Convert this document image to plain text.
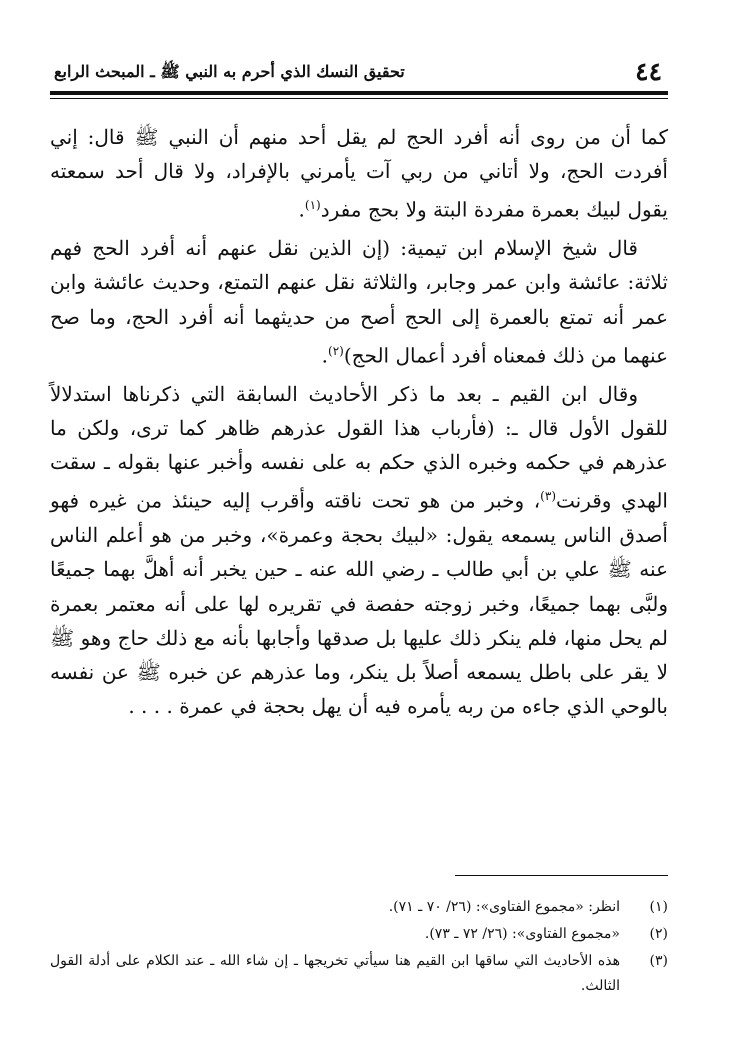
٤٤
تحقيق النسك الذي أحرم به النبي ﷺ ـ المبحث الرابع

كما أن من روى أنه أفرد الحج لم يقل أحد منهم أن النبي ﷺ قال: إني أفردت الحج، ولا أتاني من ربي آت يأمرني بالإفراد، ولا قال أحد سمعته يقول لبيك بعمرة مفردة البتة ولا بحج مفرد$^{(١)}$.

قال شيخ الإسلام ابن تيمية: (إن الذين نقل عنهم أنه أفرد الحج فهم ثلاثة: عائشة وابن عمر وجابر، والثلاثة نقل عنهم التمتع، وحديث عائشة وابن عمر أنه تمتع بالعمرة إلى الحج أصح من حديثهما أنه أفرد الحج، وما صح عنهما من ذلك فمعناه أفرد أعمال الحج)$^{(٢)}$.

وقال ابن القيم ـ بعد ما ذكر الأحاديث السابقة التي ذكرناها استدلالاً للقول الأول قال ـ: (فأرباب هذا القول عذرهم ظاهر كما ترى، ولكن ما عذرهم في حكمه وخبره الذي حكم به على نفسه وأخبر عنها بقوله ـ سقت الهدي وقرنت$^{(٣)}$، وخبر من هو تحت ناقته وأقرب إليه حينئذ من غيره فهو أصدق الناس يسمعه يقول: «لبيك بحجة وعمرة»، وخبر من هو أعلم الناس عنه ﷺ علي بن أبي طالب ـ رضي الله عنه ـ حين يخبر أنه أهلَّ بهما جميعًا ولبَّى بهما جميعًا، وخبر زوجته حفصة في تقريره لها على أنه معتمر بعمرة لم يحل منها، فلم ينكر ذلك عليها بل صدقها وأجابها بأنه مع ذلك حاج وهو ﷺ لا يقر على باطل يسمعه أصلاً بل ينكر، وما عذرهم عن خبره ﷺ عن نفسه بالوحي الذي جاءه من ربه يأمره فيه أن يهل بحجة في عمرة . . . .

(١)
انظر: «مجموع الفتاوى»: (٢٦/ ٧٠ ـ ٧١).
(٢)
«مجموع الفتاوى»: (٢٦/ ٧٢ ـ ٧٣).
(٣)
هذه الأحاديث التي ساقها ابن القيم هنا سيأتي تخريجها ـ إن شاء الله ـ عند الكلام على أدلة القول الثالث.
